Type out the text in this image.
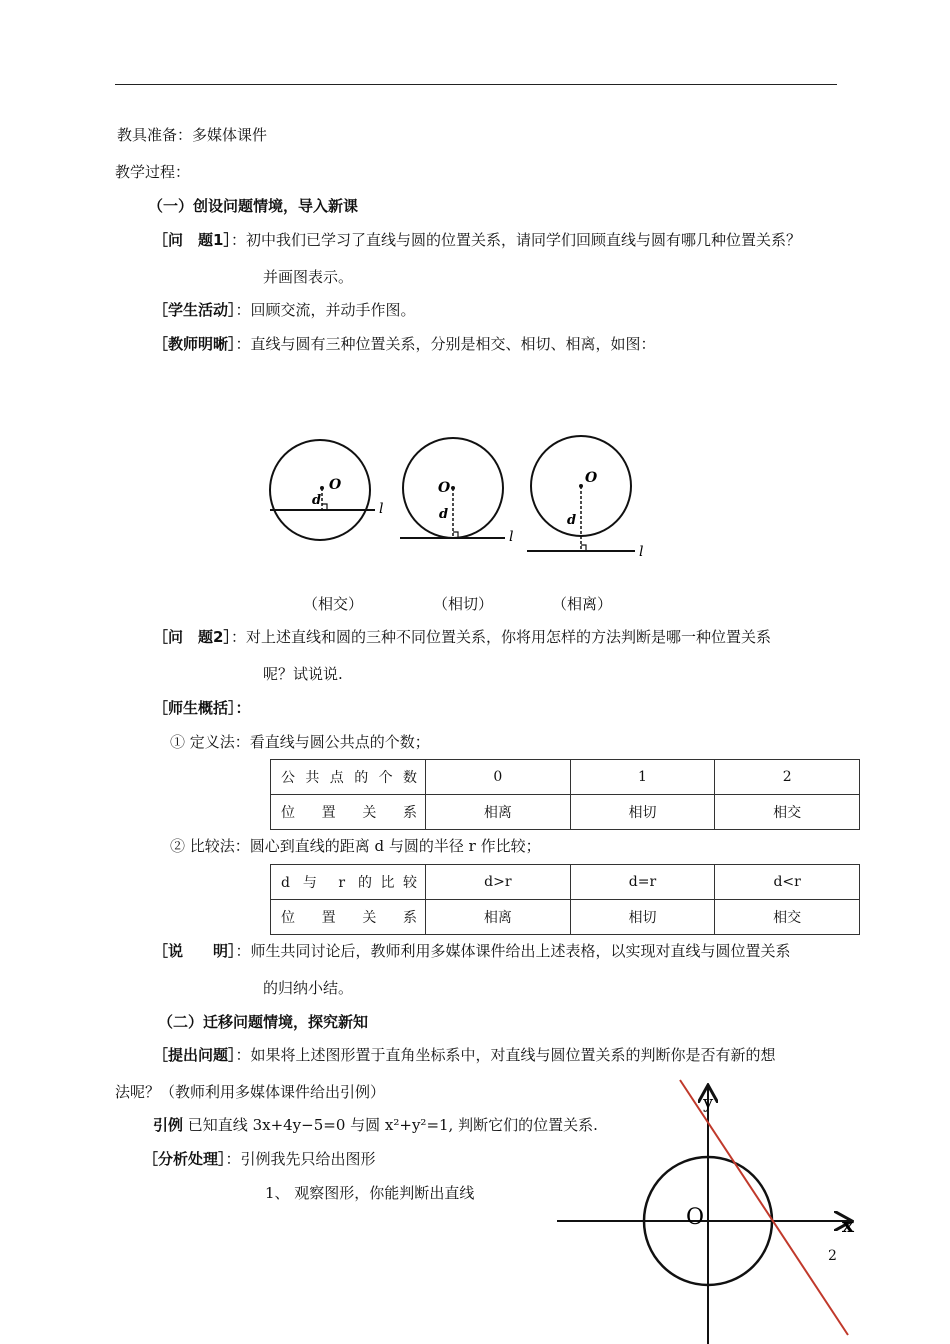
教具准备：多媒体课件
教学过程：
（一）创设问题情境，导入新课
［问　题1］：初中我们已学习了直线与圆的位置关系，请同学们回顾直线与圆有哪几种位置关系？
并画图表示。
［学生活动］：回顾交流，并动手作图。
［教师明晰］：直线与圆有三种位置关系，分别是相交、相切、相离，如图：
O
d
l
O
d
l
O
d
l
（相交）	（相切）	（相离）
［问　题2］：对上述直线和圆的三种不同位置关系，你将用怎样的方法判断是哪一种位置关系
呢？试说说.
［师生概括］：
① 定义法：看直线与圆公共点的个数；
公共点的个数	0	1	2
位置关系	相离	相切	相交
② 比较法：圆心到直线的距离 d 与圆的半径 r 作比较；
d 与 r 的比较	d>r	d=r	d<r
位置关系	相离	相切	相交
［说　　明］：师生共同讨论后，教师利用多媒体课件给出上述表格，以实现对直线与圆位置关系
的归纳小结。
（二）迁移问题情境，探究新知
［提出问题］：如果将上述图形置于直角坐标系中，对直线与圆位置关系的判断你是否有新的想
法呢？（教师利用多媒体课件给出引例）
引例 已知直线 3x+4y−5=0 与圆 x²+y²=1, 判断它们的位置关系.
［分析处理］：引例我先只给出图形
1、 观察图形，你能判断出直线
y
x
O
2
